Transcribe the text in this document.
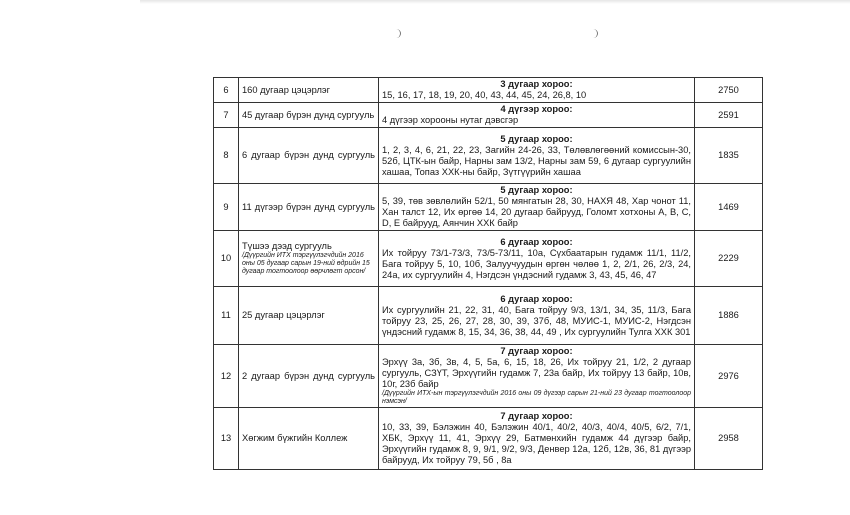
6	160 дугаар цэцэрлэг	3 дугаар хороо:
15, 16, 17, 18, 19, 20, 40, 43, 44, 45, 24, 26,8, 10	2750
7	45 дугаар бүрэн дунд сургууль	4 дүгээр хороо:
4 дүгээр хорооны нутаг дэвсгэр	2591
8	6 дугаар бүрэн дунд сургууль	5 дугаар хороо:
1, 2, 3, 4, 6, 21, 22, 23, Загийн 24-26, 33, Төлөвлөгөөний комиссын-30, 52б, ЦТК-ын байр, Нарны зам 13/2, Нарны зам 59, 6 дугаар сургуулийн хашаа, Топаз ХХК-ны байр, Зүтгүүрийн хашаа	1835
9	11 дүгээр бүрэн дунд сургууль	5 дугаар хороо:
5, 39, төв зөвлөлийн 52/1, 50 мянгатын 28, 30, НАХЯ 48, Хар чонот 11, Хан талст 12, Их өргөө 14, 20 дугаар байрууд, Голомт хотхоны А, В, С, D, Е байрууд, Аянчин ХХК байр	1469
10	Түшээ дээд сургууль
/Дүүргийн ИТХ тэргүүлэгчдийн 2016 оны 05 дугаар сарын 19-ний өдрийн 15 дугаар тогтоолоор өөрчлөгт орсон/	6 дугаар хороо:
Их тойруу 73/1-73/3, 73/5-73/11, 10а, Сүхбаатарын гудамж 11/1, 11/2, Бага тойруу 5, 10, 10б, Залуучуудын өргөн чөлөө 1, 2, 2/1, 26, 2/3, 24, 24а, их сургуулийн 4, Нэгдсэн үндэсний гудамж 3, 43, 45, 46, 47	2229
11	25 дугаар цэцэрлэг	6 дугаар хороо:
Их сургуулийн 21, 22, 31, 40, Бага тойруу 9/3, 13/1, 34, 35, 11/3, Бага тойруу 23, 25, 26, 27, 28, 30, 39, 37б, 48, МУИС-1, МУИС-2, Нэгдсэн үндэсний гудамж 8, 15, 34, 36, 38, 44, 49 , Их сургуулийн Тулга ХХК 301	1886
12	2 дугаар бүрэн дунд сургууль	7 дугаар хороо:
Эрхүү 3а, 3б, 3в, 4, 5, 5а, 6, 15, 18, 26, Их тойруу 21, 1/2, 2 дугаар сургууль, СЗҮТ, Эрхүүгийн гудамж 7, 23а байр, Их тойруу 13 байр, 10в, 10г, 23б байр
/Дүүргийн ИТХ-ын тэргүүлэгчдийн 2016 оны 09 дүгээр сарын 21-ний 23 дугаар тогтоолоор нэмсэн/	2976
13	Хөгжим бүжгийн Коллеж	7 дугаар хороо:
10, 33, 39, Бэлэжин 40, Бэлэжин 40/1, 40/2, 40/3, 40/4, 40/5, 6/2, 7/1, ХБК, Эрхүү 11, 41, Эрхүү 29, Батмөнхийн гудамж 44 дүгээр байр, Эрхүүгийн гудамж 8, 9, 9/1, 9/2, 9/3, Денвер 12а, 12б, 12в, 36, 81 дүгээр байрууд, Их тойруу 79, 5б , 8а	2958
